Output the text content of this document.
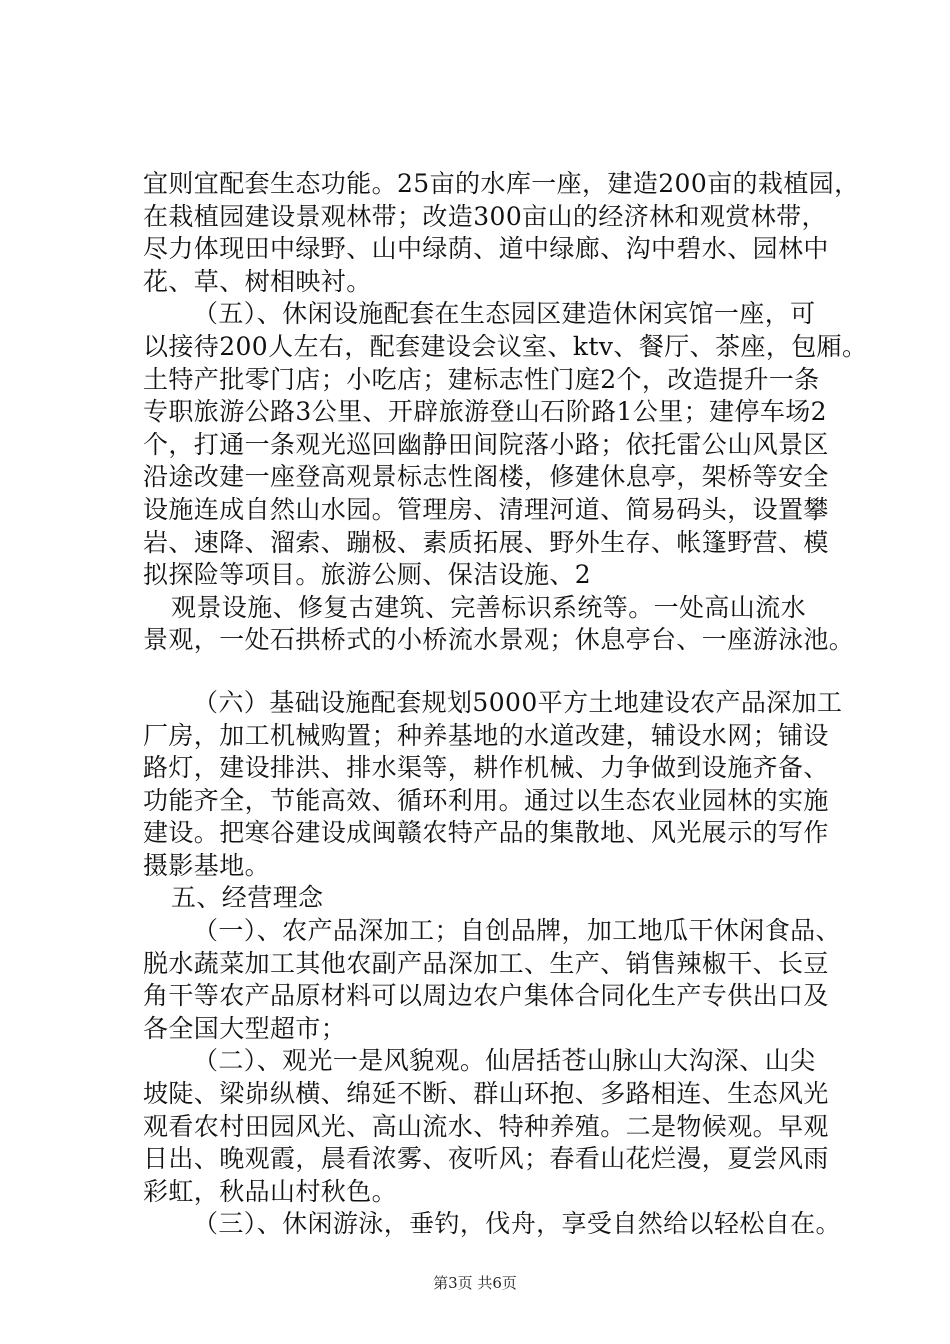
宜则宜配套生态功能。25亩的水库一座，建造200亩的栽植园，
在栽植园建设景观林带；改造300亩山的经济林和观赏林带，
尽力体现田中绿野、山中绿荫、道中绿廊、沟中碧水、园林中
花、草、树相映衬。
（五）、休闲设施配套在生态园区建造休闲宾馆一座，可
以接待200人左右，配套建设会议室、ktv、餐厅、茶座，包厢。
土特产批零门店；小吃店；建标志性门庭2个，改造提升一条
专职旅游公路3公里、开辟旅游登山石阶路1公里；建停车场2
个，打通一条观光巡回幽静田间院落小路；依托雷公山风景区
沿途改建一座登高观景标志性阁楼，修建休息亭，架桥等安全
设施连成自然山水园。管理房、清理河道、简易码头，设置攀
岩、速降、溜索、蹦极、素质拓展、野外生存、帐篷野营、模
拟探险等项目。旅游公厕、保洁设施、2
观景设施、修复古建筑、完善标识系统等。一处高山流水
景观，一处石拱桥式的小桥流水景观；休息亭台、一座游泳池。
（六）基础设施配套规划5000平方土地建设农产品深加工
厂房，加工机械购置；种养基地的水道改建，辅设水网；铺设
路灯，建设排洪、排水渠等，耕作机械、力争做到设施齐备、
功能齐全，节能高效、循环利用。通过以生态农业园林的实施
建设。把寒谷建设成闽赣农特产品的集散地、风光展示的写作
摄影基地。
五、经营理念
（一）、农产品深加工；自创品牌，加工地瓜干休闲食品、
脱水蔬菜加工其他农副产品深加工、生产、销售辣椒干、长豆
角干等农产品原材料可以周边农户集体合同化生产专供出口及
各全国大型超市；
（二）、观光一是风貌观。仙居括苍山脉山大沟深、山尖
坡陡、梁峁纵横、绵延不断、群山环抱、多路相连、生态风光
观看农村田园风光、高山流水、特种养殖。二是物候观。早观
日出、晚观霞，晨看浓雾、夜听风；春看山花烂漫，夏尝风雨
彩虹，秋品山村秋色。
（三）、休闲游泳，垂钓，伐舟，享受自然给以轻松自在。
第3页 共6页
